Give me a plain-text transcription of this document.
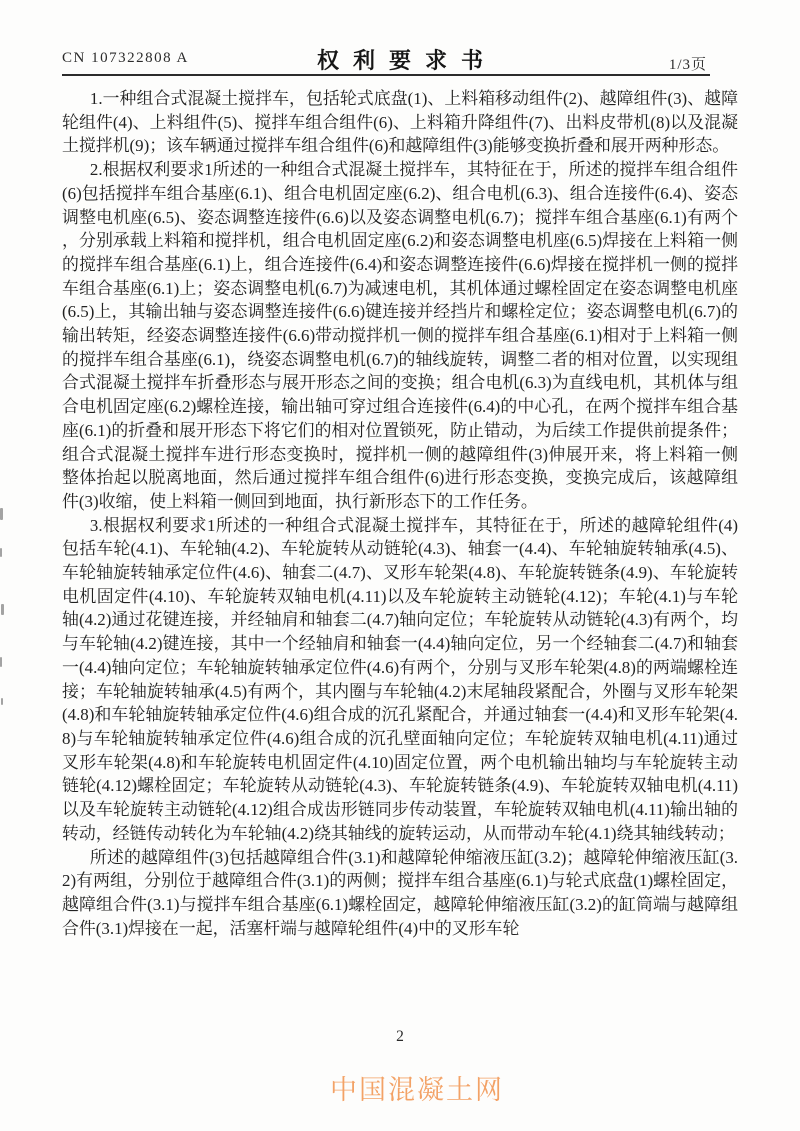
CN 107322808 A	权利要求书	1/3页

1.一种组合式混凝土搅拌车，包括轮式底盘(1)、上料箱移动组件(2)、越障组件(3)、越障轮组件(4)、上料组件(5)、搅拌车组合组件(6)、上料箱升降组件(7)、出料皮带机(8)以及混凝土搅拌机(9)；该车辆通过搅拌车组合组件(6)和越障组件(3)能够变换折叠和展开两种形态。

2.根据权利要求1所述的一种组合式混凝土搅拌车，其特征在于，所述的搅拌车组合组件(6)包括搅拌车组合基座(6.1)、组合电机固定座(6.2)、组合电机(6.3)、组合连接件(6.4)、姿态调整电机座(6.5)、姿态调整连接件(6.6)以及姿态调整电机(6.7)；搅拌车组合基座(6.1)有两个，分别承载上料箱和搅拌机，组合电机固定座(6.2)和姿态调整电机座(6.5)焊接在上料箱一侧的搅拌车组合基座(6.1)上，组合连接件(6.4)和姿态调整连接件(6.6)焊接在搅拌机一侧的搅拌车组合基座(6.1)上；姿态调整电机(6.7)为减速电机，其机体通过螺栓固定在姿态调整电机座(6.5)上，其输出轴与姿态调整连接件(6.6)键连接并经挡片和螺栓定位；姿态调整电机(6.7)的输出转矩，经姿态调整连接件(6.6)带动搅拌机一侧的搅拌车组合基座(6.1)相对于上料箱一侧的搅拌车组合基座(6.1)，绕姿态调整电机(6.7)的轴线旋转，调整二者的相对位置，以实现组合式混凝土搅拌车折叠形态与展开形态之间的变换；组合电机(6.3)为直线电机，其机体与组合电机固定座(6.2)螺栓连接，输出轴可穿过组合连接件(6.4)的中心孔，在两个搅拌车组合基座(6.1)的折叠和展开形态下将它们的相对位置锁死，防止错动，为后续工作提供前提条件；组合式混凝土搅拌车进行形态变换时，搅拌机一侧的越障组件(3)伸展开来，将上料箱一侧整体抬起以脱离地面，然后通过搅拌车组合组件(6)进行形态变换，变换完成后，该越障组件(3)收缩，使上料箱一侧回到地面，执行新形态下的工作任务。

3.根据权利要求1所述的一种组合式混凝土搅拌车，其特征在于，所述的越障轮组件(4)包括车轮(4.1)、车轮轴(4.2)、车轮旋转从动链轮(4.3)、轴套一(4.4)、车轮轴旋转轴承(4.5)、车轮轴旋转轴承定位件(4.6)、轴套二(4.7)、叉形车轮架(4.8)、车轮旋转链条(4.9)、车轮旋转电机固定件(4.10)、车轮旋转双轴电机(4.11)以及车轮旋转主动链轮(4.12)；车轮(4.1)与车轮轴(4.2)通过花键连接，并经轴肩和轴套二(4.7)轴向定位；车轮旋转从动链轮(4.3)有两个，均与车轮轴(4.2)键连接，其中一个经轴肩和轴套一(4.4)轴向定位，另一个经轴套二(4.7)和轴套一(4.4)轴向定位；车轮轴旋转轴承定位件(4.6)有两个，分别与叉形车轮架(4.8)的两端螺栓连接；车轮轴旋转轴承(4.5)有两个，其内圈与车轮轴(4.2)末尾轴段紧配合，外圈与叉形车轮架(4.8)和车轮轴旋转轴承定位件(4.6)组合成的沉孔紧配合，并通过轴套一(4.4)和叉形车轮架(4.8)与车轮轴旋转轴承定位件(4.6)组合成的沉孔壁面轴向定位；车轮旋转双轴电机(4.11)通过叉形车轮架(4.8)和车轮旋转电机固定件(4.10)固定位置，两个电机输出轴均与车轮旋转主动链轮(4.12)螺栓固定；车轮旋转从动链轮(4.3)、车轮旋转链条(4.9)、车轮旋转双轴电机(4.11)以及车轮旋转主动链轮(4.12)组合成齿形链同步传动装置，车轮旋转双轴电机(4.11)输出轴的转动，经链传动转化为车轮轴(4.2)绕其轴线的旋转运动，从而带动车轮(4.1)绕其轴线转动；

所述的越障组件(3)包括越障组合件(3.1)和越障轮伸缩液压缸(3.2)；越障轮伸缩液压缸(3.2)有两组，分别位于越障组合件(3.1)的两侧；搅拌车组合基座(6.1)与轮式底盘(1)螺栓固定，越障组合件(3.1)与搅拌车组合基座(6.1)螺栓固定，越障轮伸缩液压缸(3.2)的缸筒端与越障组合件(3.1)焊接在一起，活塞杆端与越障轮组件(4)中的叉形车轮

2
中国混凝土网
